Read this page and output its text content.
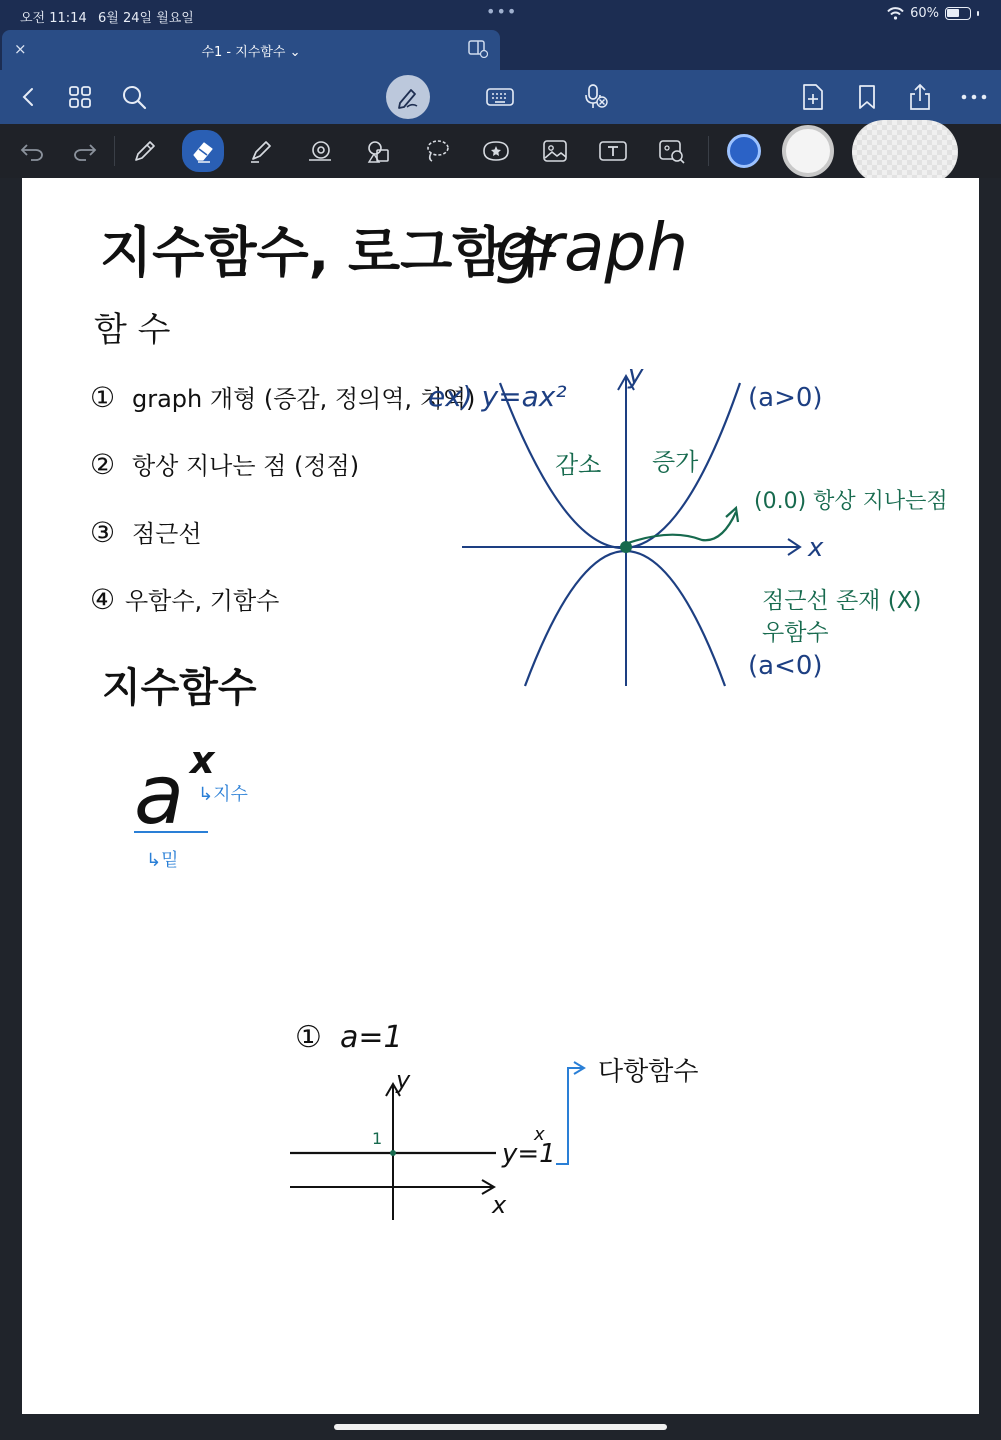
오전 11:14 6월 24일 월요일	•••	60%
×	수1 - 지수함수 ⌄
지수함수, 로그함수
graph
함 수
① graph 개형 (증감, 정의역, 치역)
② 항상 지나는 점 (정점)
③ 점근선
④ 우함수, 기함수
ex) y=ax²
y
x
(a>0)
(a<0)
감소 증가
(0.0) 항상 지나는점
점근선 존재 (X)
우함수
지수함수
a x
↳지수
↳밑
① a=1
y
x
1
y=1
x
다항함수
